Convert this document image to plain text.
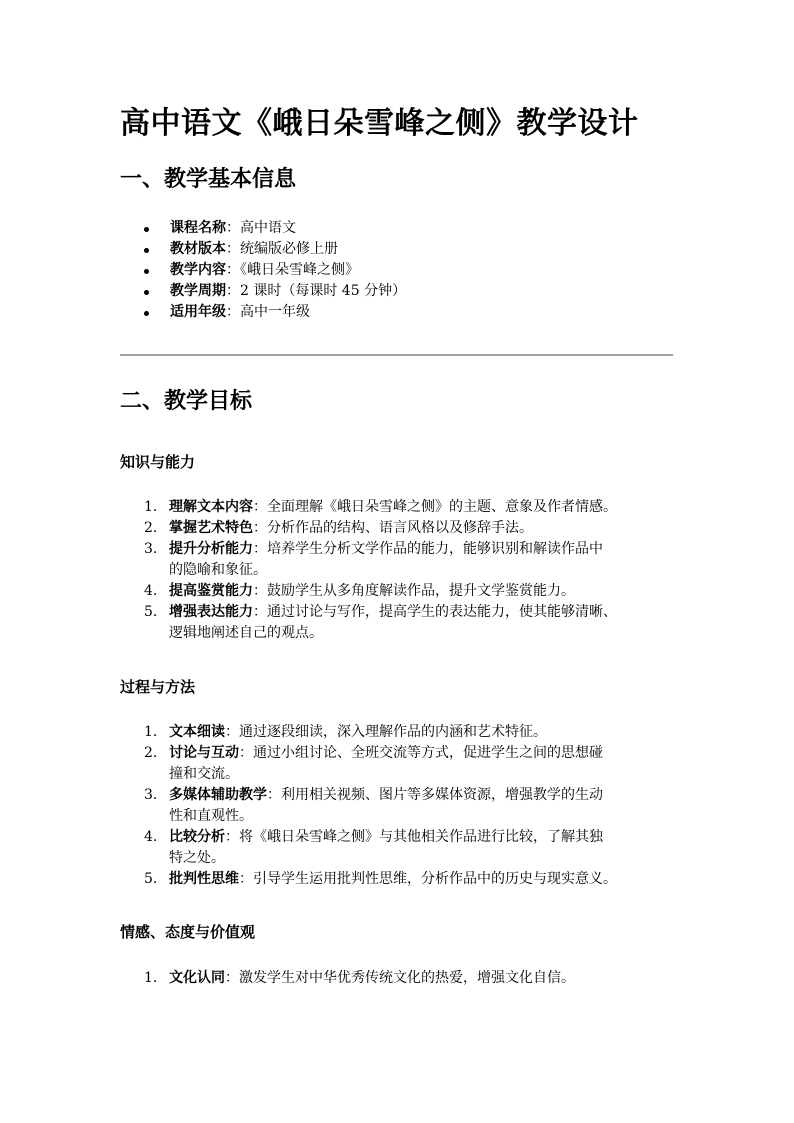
高中语文《峨日朵雪峰之侧》教学设计
一、教学基本信息
课程名称：高中语文
教材版本：统编版必修上册
教学内容：《峨日朵雪峰之侧》
教学周期：2 课时（每课时 45 分钟）
适用年级：高中一年级
二、教学目标
知识与能力
1. 理解文本内容：全面理解《峨日朵雪峰之侧》的主题、意象及作者情感。
2. 掌握艺术特色：分析作品的结构、语言风格以及修辞手法。
3. 提升分析能力：培养学生分析文学作品的能力，能够识别和解读作品中
的隐喻和象征。
4. 提高鉴赏能力：鼓励学生从多角度解读作品，提升文学鉴赏能力。
5. 增强表达能力：通过讨论与写作，提高学生的表达能力，使其能够清晰、
逻辑地阐述自己的观点。
过程与方法
1. 文本细读：通过逐段细读，深入理解作品的内涵和艺术特征。
2. 讨论与互动：通过小组讨论、全班交流等方式，促进学生之间的思想碰
撞和交流。
3. 多媒体辅助教学：利用相关视频、图片等多媒体资源，增强教学的生动
性和直观性。
4. 比较分析：将《峨日朵雪峰之侧》与其他相关作品进行比较，了解其独
特之处。
5. 批判性思维：引导学生运用批判性思维，分析作品中的历史与现实意义。
情感、态度与价值观
1. 文化认同：激发学生对中华优秀传统文化的热爱，增强文化自信。
